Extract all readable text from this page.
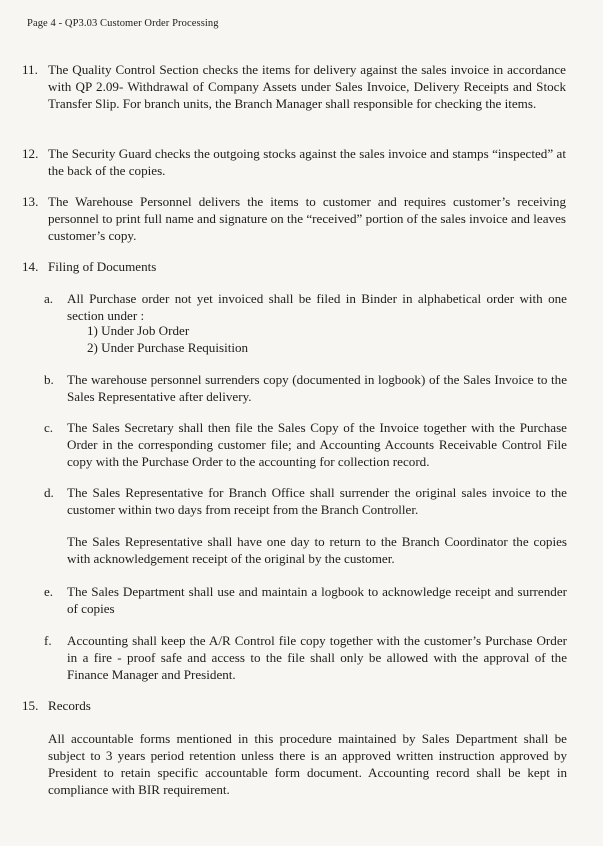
Page 4 - QP3.03 Customer Order Processing
11. The Quality Control Section checks the items for delivery against the sales invoice in accordance with QP 2.09- Withdrawal of Company Assets under Sales Invoice, Delivery Receipts and Stock Transfer Slip. For branch units, the Branch Manager shall responsible for checking the items.
12. The Security Guard checks the outgoing stocks against the sales invoice and stamps “inspected” at the back of the copies.
13. The Warehouse Personnel delivers the items to customer and requires customer’s receiving personnel to print full name and signature on the “received” portion of the sales invoice and leaves customer’s copy.
14. Filing of Documents
a. All Purchase order not yet invoiced shall be filed in Binder in alphabetical order with one section under :
1) Under Job Order
2) Under Purchase Requisition
b. The warehouse personnel surrenders copy (documented in logbook) of the Sales Invoice to the Sales Representative after delivery.
c. The Sales Secretary shall then file the Sales Copy of the Invoice together with the Purchase Order in the corresponding customer file; and Accounting Accounts Receivable Control File copy with the Purchase Order to the accounting for collection record.
d. The Sales Representative for Branch Office shall surrender the original sales invoice to the customer within two days from receipt from the Branch Controller.
The Sales Representative shall have one day to return to the Branch Coordinator the copies with acknowledgement receipt of the original by the customer.
e. The Sales Department shall use and maintain a logbook to acknowledge receipt and surrender of copies
f. Accounting shall keep the A/R Control file copy together with the customer’s Purchase Order in a fire - proof safe and access to the file shall only be allowed with the approval of the Finance Manager and President.
15. Records
All accountable forms mentioned in this procedure maintained by Sales Department shall be subject to 3 years period retention unless there is an approved written instruction approved by President to retain specific accountable form document. Accounting record shall be kept in compliance with BIR requirement.
